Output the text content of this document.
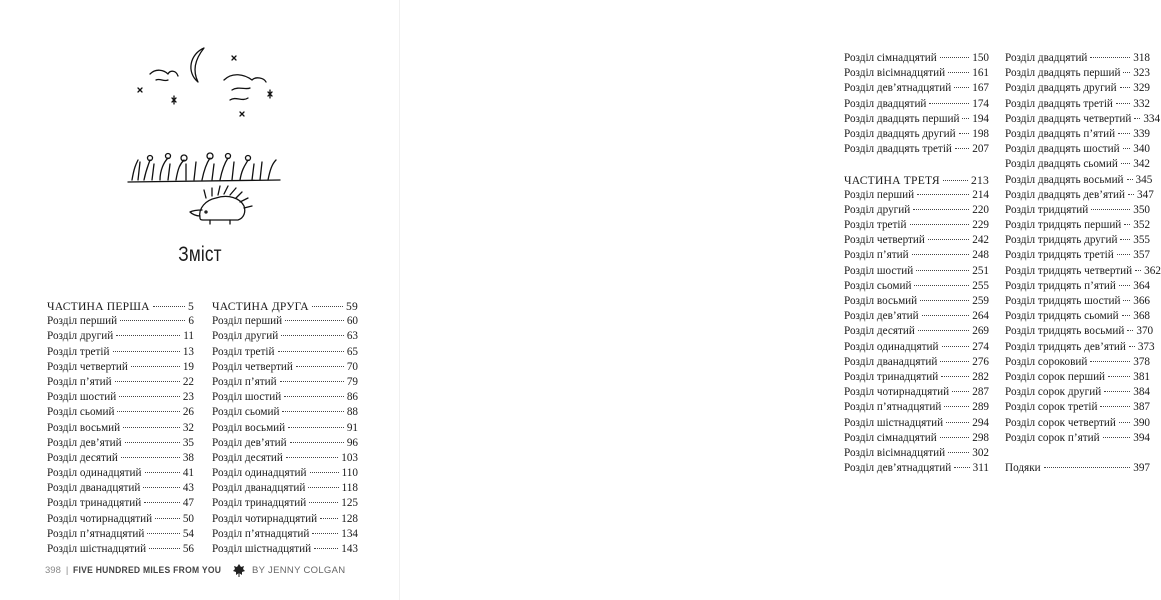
Зміст
ЧАСТИНА ПЕРША	5
Розділ перший	6
Розділ другий	11
Розділ третій	13
Розділ четвертий	19
Розділ п’ятий	22
Розділ шостий	23
Розділ сьомий	26
Розділ восьмий	32
Розділ дев’ятий	35
Розділ десятий	38
Розділ одинадцятий	41
Розділ дванадцятий	43
Розділ тринадцятий	47
Розділ чотирнадцятий	50
Розділ п’ятнадцятий	54
Розділ шістнадцятий	56
ЧАСТИНА ДРУГА	59
Розділ перший	60
Розділ другий	63
Розділ третій	65
Розділ четвертий	70
Розділ п’ятий	79
Розділ шостий	86
Розділ сьомий	88
Розділ восьмий	91
Розділ дев’ятий	96
Розділ десятий	103
Розділ одинадцятий	110
Розділ дванадцятий	118
Розділ тринадцятий	125
Розділ чотирнадцятий 128
Розділ п’ятнадцятий	134
Розділ шістнадцятий	143
398 | FIVE HUNDRED MILES FROM YOU	BY JENNY COLGAN
Розділ сімнадцятий	150
Розділ вісімнадцятий 161
Розділ дев’ятнадцятий 167
Розділ двадцятий	174
Розділ двадцять перший 194
Розділ двадцять другий 198
Розділ двадцять третій 207
ЧАСТИНА ТРЕТЯ	213
Розділ перший	214
Розділ другий	220
Розділ третій	229
Розділ четвертий	242
Розділ п’ятий	248
Розділ шостий	251
Розділ сьомий	255
Розділ восьмий	259
Розділ дев’ятий	264
Розділ десятий	269
Розділ одинадцятий	274
Розділ дванадцятий	276
Розділ тринадцятий	282
Розділ чотирнадцятий 287
Розділ п’ятнадцятий	289
Розділ шістнадцятий	294
Розділ сімнадцятий	298
Розділ вісімнадцятий 302
Розділ дев’ятнадцятий 311
Розділ двадцятий	318
Розділ двадцять перший 323
Розділ двадцять другий 329
Розділ двадцять третій 332
Розділ двадцять четвертий 334
Розділ двадцять п’ятий 339
Розділ двадцять шостий 340
Розділ двадцять сьомий 342
Розділ двадцять восьмий 345
Розділ двадцять дев’ятий 347
Розділ тридцятий	350
Розділ тридцять перший 352
Розділ тридцять другий 355
Розділ тридцять третій 357
Розділ тридцять четвертий 362
Розділ тридцять п’ятий 364
Розділ тридцять шостий 366
Розділ тридцять сьомий 368
Розділ тридцять восьмий 370
Розділ тридцять дев’ятий 373
Розділ сороковий	378
Розділ сорок перший	381
Розділ сорок другий	384
Розділ сорок третій	387
Розділ сорок четвертий 390
Розділ сорок п’ятий	394
Подяки	397
